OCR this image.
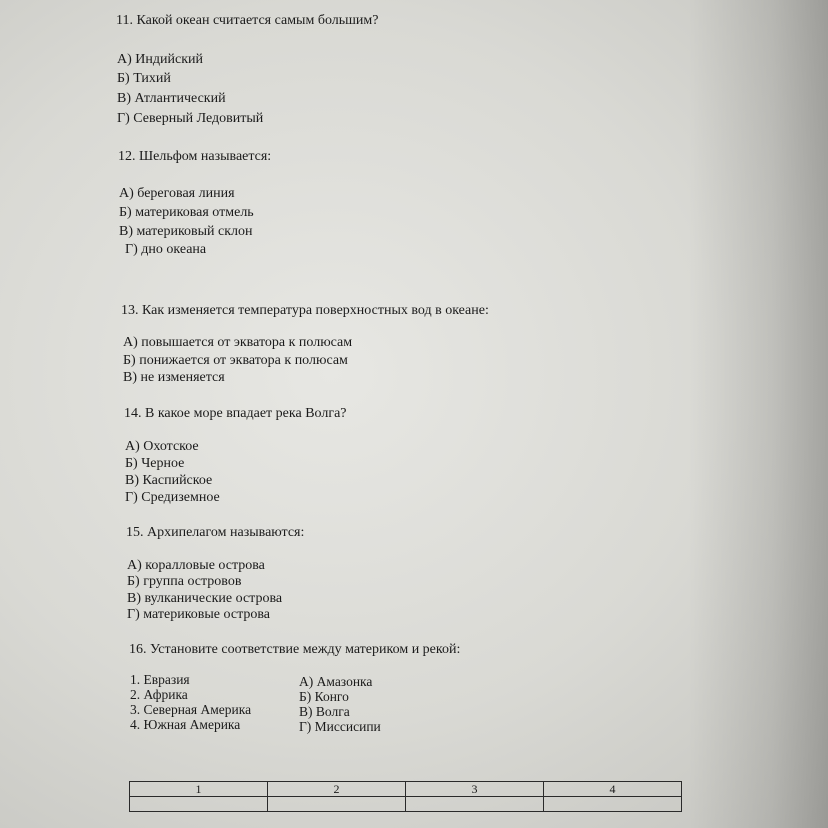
11. Какой океан считается самым большим?
А) Индийский
Б) Тихий
В) Атлантический
Г) Северный Ледовитый
12. Шельфом называется:
А) береговая линия
Б) материковая отмель
В) материковый склон
Г) дно океана
13. Как изменяется температура поверхностных вод в океане:
А) повышается от экватора к полюсам
Б) понижается от экватора к полюсам
В) не изменяется
14. В какое море впадает река Волга?
А) Охотское
Б) Черное
В) Каспийское
Г) Средиземное
15. Архипелагом называются:
А) коралловые острова
Б) группа островов
В) вулканические острова
Г) материковые острова
16. Установите соответствие между материком и рекой:
1. Евразия
2. Африка
3. Северная Америка
4. Южная Америка
А) Амазонка
Б) Конго
В) Волга
Г) Миссисипи
1	2	3	4
